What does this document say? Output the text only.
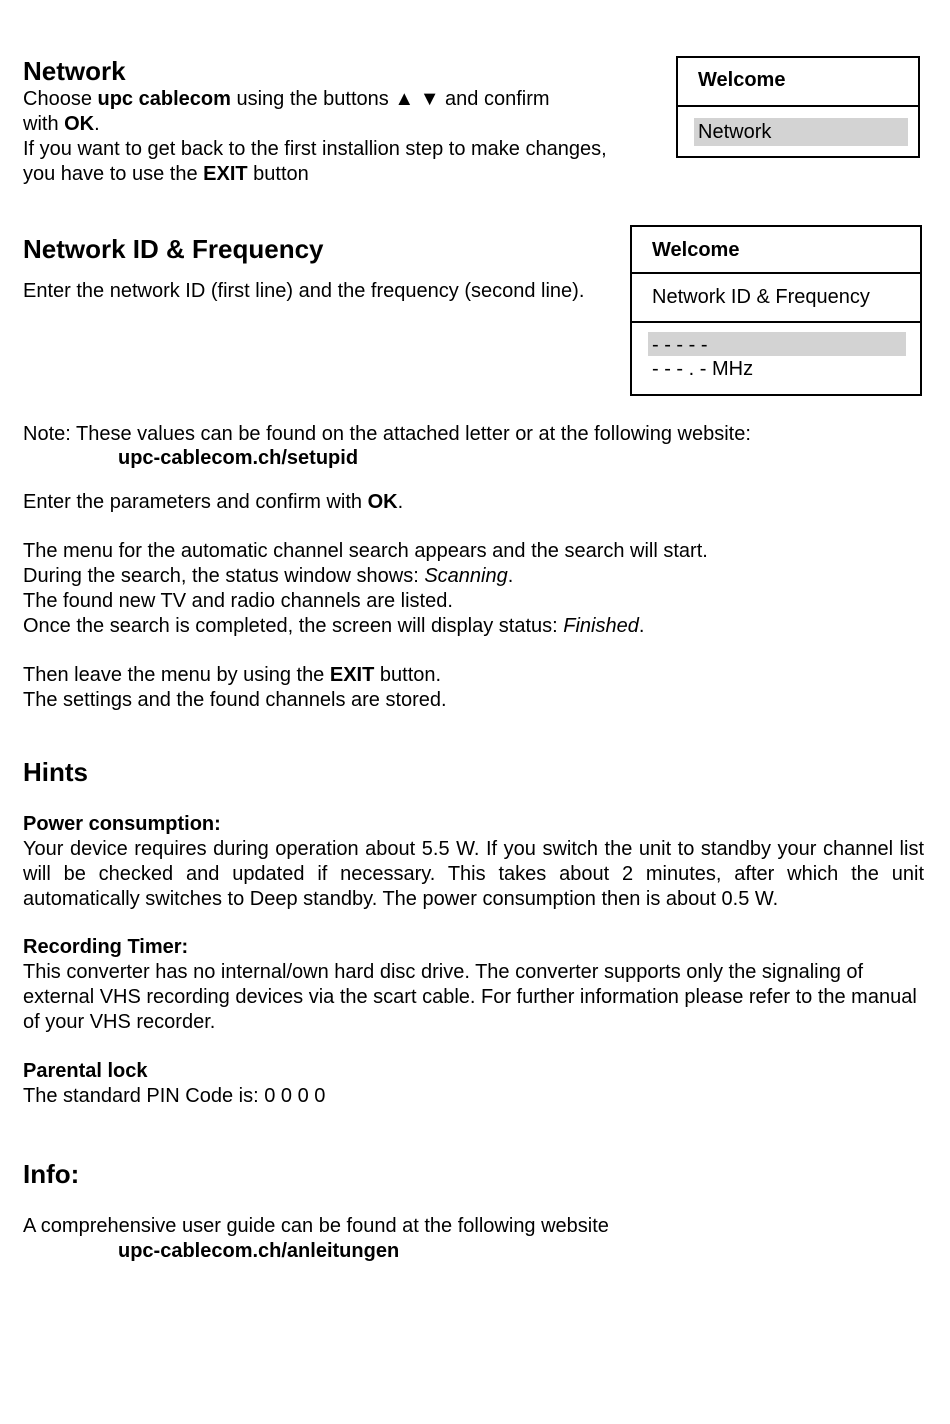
Network

Choose upc cablecom using the buttons ▲ ▼ and confirm

with OK.

If you want to get back to the first installion step to make changes,

you have to use the EXIT button

Welcome
Network
Network ID & Frequency

Enter the network ID (first line) and the frequency (second line).

Welcome
Network ID & Frequency
- - - - -
- - - . - MHz

Note: These values can be found on the attached letter or at the following website:

upc-cablecom.ch/setupid

Enter the parameters and confirm with OK.

The menu for the automatic channel search appears and the search will start.

During the search, the status window shows: Scanning.

The found new TV and radio channels are listed.

Once the search is completed, the screen will display status: Finished.

Then leave the menu by using the EXIT button.

The settings and the found channels are stored.

Hints

Power consumption:

Your device requires during operation about 5.5 W. If you switch the unit to standby your channel list will be checked and updated if necessary. This takes about 2 minutes, after which the unit automatically switches to Deep standby. The power consumption then is about 0.5 W.

Recording Timer:

This converter has no internal/own hard disc drive. The converter supports only the signaling of external VHS recording devices via the scart cable. For further information please refer to the manual of your VHS recorder.

Parental lock

The standard PIN Code is: 0 0 0 0

Info:

A comprehensive user guide can be found at the following website

upc-cablecom.ch/anleitungen
